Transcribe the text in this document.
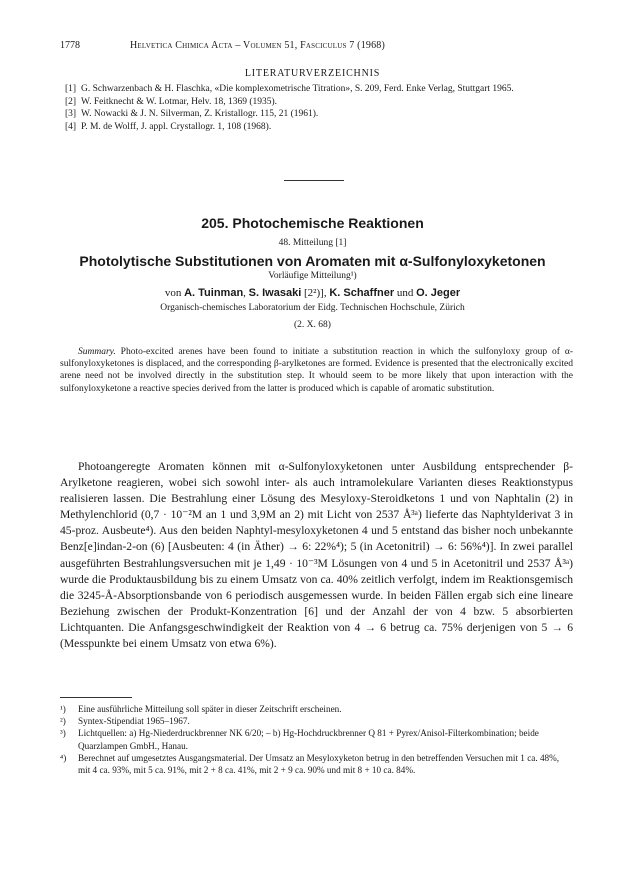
1778	Helvetica Chimica Acta – Volumen 51, Fasciculus 7 (1968)
LITERATURVERZEICHNIS
[1] G. Schwarzenbach & H. Flaschka, «Die komplexometrische Titration», S. 209, Ferd. Enke Verlag, Stuttgart 1965.
[2] W. Feitknecht & W. Lotmar, Helv. 18, 1369 (1935).
[3] W. Nowacki & J. N. Silverman, Z. Kristallogr. 115, 21 (1961).
[4] P. M. de Wolff, J. appl. Crystallogr. 1, 108 (1968).
205. Photochemische Reaktionen
48. Mitteilung [1]
Photolytische Substitutionen von Aromaten mit α-Sulfonyloxyketonen
Vorläufige Mitteilung¹)
von A. Tuinman, S. Iwasaki [2²)], K. Schaffner und O. Jeger
Organisch-chemisches Laboratorium der Eidg. Technischen Hochschule, Zürich
(2. X. 68)
Summary. Photo-excited arenes have been found to initiate a substitution reaction in which the sulfonyloxy group of α-sulfonyloxyketones is displaced, and the corresponding β-arylketones are formed. Evidence is presented that the electronically excited arene need not be involved directly in the substitution step. It whould seem to be more likely that upon interaction with the sulfonyloxyketone a reactive species derived from the latter is produced which is capable of aromatic substitution.
Photoangeregte Aromaten können mit α-Sulfonyloxyketonen unter Ausbildung entsprechender β-Arylketone reagieren, wobei sich sowohl inter- als auch intramolekulare Varianten dieses Reaktionstypus realisieren lassen. Die Bestrahlung einer Lösung des Mesyloxy-Steroidketons 1 und von Naphtalin (2) in Methylenchlorid (0,7 · 10⁻²M an 1 und 3,9M an 2) mit Licht von 2537 Å³ᵃ) lieferte das Naphtylderivat 3 in 45-proz. Ausbeute⁴). Aus den beiden Naphtyl-mesyloxyketonen 4 und 5 entstand das bisher noch unbekannte Benz[e]indan-2-on (6) [Ausbeuten: 4 (in Äther) → 6: 22%⁴); 5 (in Acetonitril) → 6: 56%⁴)]. In zwei parallel ausgeführten Bestrahlungsversuchen mit je 1,49 · 10⁻³M Lösungen von 4 und 5 in Acetonitril und 2537 Å³ᵃ) wurde die Produktausbildung bis zu einem Umsatz von ca. 40% zeitlich verfolgt, indem im Reaktionsgemisch die 3245-Å-Absorptionsbande von 6 periodisch ausgemessen wurde. In beiden Fällen ergab sich eine lineare Beziehung zwischen der Produkt-Konzentration [6] und der Anzahl der von 4 bzw. 5 absorbierten Lichtquanten. Die Anfangsgeschwindigkeit der Reaktion von 4 → 6 betrug ca. 75% derjenigen von 5 → 6 (Messpunkte bei einem Umsatz von etwa 6%).
¹) Eine ausführliche Mitteilung soll später in dieser Zeitschrift erscheinen.
²) Syntex-Stipendiat 1965–1967.
³) Lichtquellen: a) Hg-Niederdruckbrenner NK 6/20; – b) Hg-Hochdruckbrenner Q 81 + Pyrex/Anisol-Filterkombination; beide Quarzlampen GmbH., Hanau.
⁴) Berechnet auf umgesetztes Ausgangsmaterial. Der Umsatz an Mesyloxyketon betrug in den betreffenden Versuchen mit 1 ca. 48%, mit 4 ca. 93%, mit 5 ca. 91%, mit 2 + 8 ca. 41%, mit 2 + 9 ca. 90% und mit 8 + 10 ca. 84%.
